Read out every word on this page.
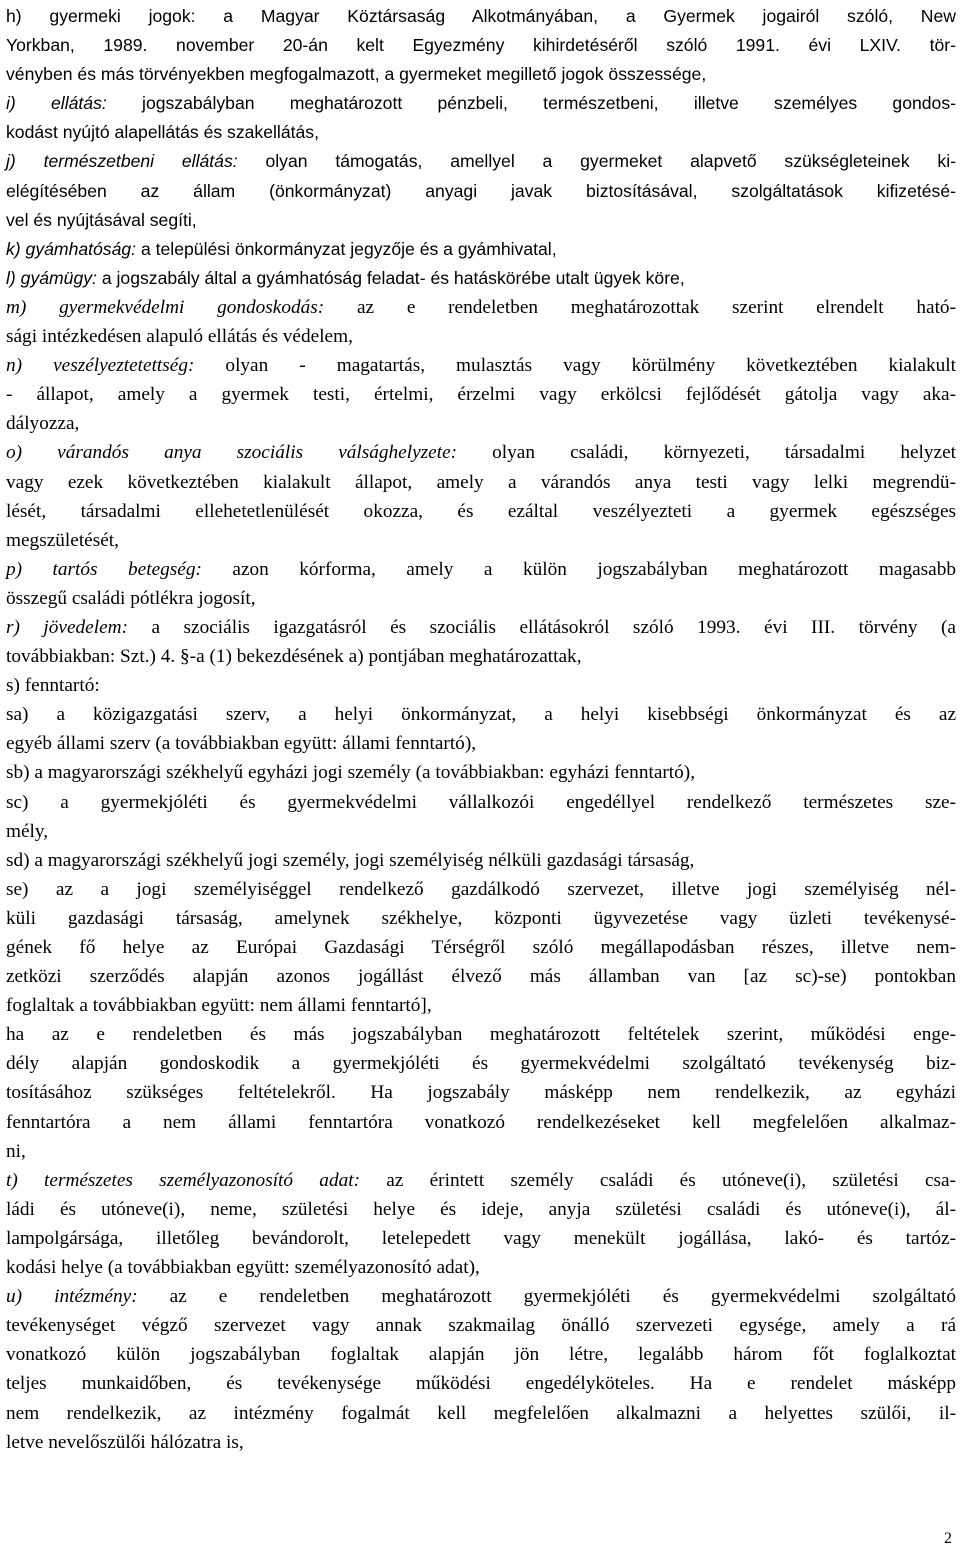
h) gyermeki jogok: a Magyar Köztársaság Alkotmányában, a Gyermek jogairól szóló, New
Yorkban, 1989. november 20-án kelt Egyezmény kihirdetéséről szóló 1991. évi LXIV. tör-
vényben és más törvényekben megfogalmazott, a gyermeket megillető jogok összessége,
i) ellátás: jogszabályban meghatározott pénzbeli, természetbeni, illetve személyes gondos-
kodást nyújtó alapellátás és szakellátás,
j) természetbeni ellátás: olyan támogatás, amellyel a gyermeket alapvető szükségleteinek ki-
elégítésében az állam (önkormányzat) anyagi javak biztosításával, szolgáltatások kifizetésé-
vel és nyújtásával segíti,
k) gyámhatóság: a települési önkormányzat jegyzője és a gyámhivatal,
l) gyámügy: a jogszabály által a gyámhatóság feladat- és hatáskörébe utalt ügyek köre,
m) gyermekvédelmi gondoskodás: az e rendeletben meghatározottak szerint elrendelt ható-
sági intézkedésen alapuló ellátás és védelem,
n) veszélyeztetettség: olyan - magatartás, mulasztás vagy körülmény következtében kialakult
- állapot, amely a gyermek testi, értelmi, érzelmi vagy erkölcsi fejlődését gátolja vagy aka-
dályozza,
o) várandós anya szociális válsághelyzete: olyan családi, környezeti, társadalmi helyzet
vagy ezek következtében kialakult állapot, amely a várandós anya testi vagy lelki megrendü-
lését, társadalmi ellehetetlenülését okozza, és ezáltal veszélyezteti a gyermek egészséges
megszületését,
p) tartós betegség: azon kórforma, amely a külön jogszabályban meghatározott magasabb
összegű családi pótlékra jogosít,
r) jövedelem: a szociális igazgatásról és szociális ellátásokról szóló 1993. évi III. törvény (a
továbbiakban: Szt.) 4. §-a (1) bekezdésének a) pontjában meghatározattak,
s) fenntartó:
sa) a közigazgatási szerv, a helyi önkormányzat, a helyi kisebbségi önkormányzat és az
egyéb állami szerv (a továbbiakban együtt: állami fenntartó),
sb) a magyarországi székhelyű egyházi jogi személy (a továbbiakban: egyházi fenntartó),
sc) a gyermekjóléti és gyermekvédelmi vállalkozói engedéllyel rendelkező természetes sze-
mély,
sd) a magyarországi székhelyű jogi személy, jogi személyiség nélküli gazdasági társaság,
se) az a jogi személyiséggel rendelkező gazdálkodó szervezet, illetve jogi személyiség nél-
küli gazdasági társaság, amelynek székhelye, központi ügyvezetése vagy üzleti tevékenysé-
gének fő helye az Európai Gazdasági Térségről szóló megállapodásban részes, illetve nem-
zetközi szerződés alapján azonos jogállást élvező más államban van [az sc)-se) pontokban
foglaltak a továbbiakban együtt: nem állami fenntartó],
ha az e rendeletben és más jogszabályban meghatározott feltételek szerint, működési enge-
dély alapján gondoskodik a gyermekjóléti és gyermekvédelmi szolgáltató tevékenység biz-
tosításához szükséges feltételekről. Ha jogszabály másképp nem rendelkezik, az egyházi
fenntartóra a nem állami fenntartóra vonatkozó rendelkezéseket kell megfelelően alkalmaz-
ni,
t) természetes személyazonosító adat: az érintett személy családi és utóneve(i), születési csa-
ládi és utóneve(i), neme, születési helye és ideje, anyja születési családi és utóneve(i), ál-
lampolgársága, illetőleg bevándorolt, letelepedett vagy menekült jogállása, lakó- és tartóz-
kodási helye (a továbbiakban együtt: személyazonosító adat),
u) intézmény: az e rendeletben meghatározott gyermekjóléti és gyermekvédelmi szolgáltató
tevékenységet végző szervezet vagy annak szakmailag önálló szervezeti egysége, amely a rá
vonatkozó külön jogszabályban foglaltak alapján jön létre, legalább három főt foglalkoztat
teljes munkaidőben, és tevékenysége működési engedélyköteles. Ha e rendelet másképp
nem rendelkezik, az intézmény fogalmát kell megfelelően alkalmazni a helyettes szülői, il-
letve nevelőszülői hálózatra is,
2
